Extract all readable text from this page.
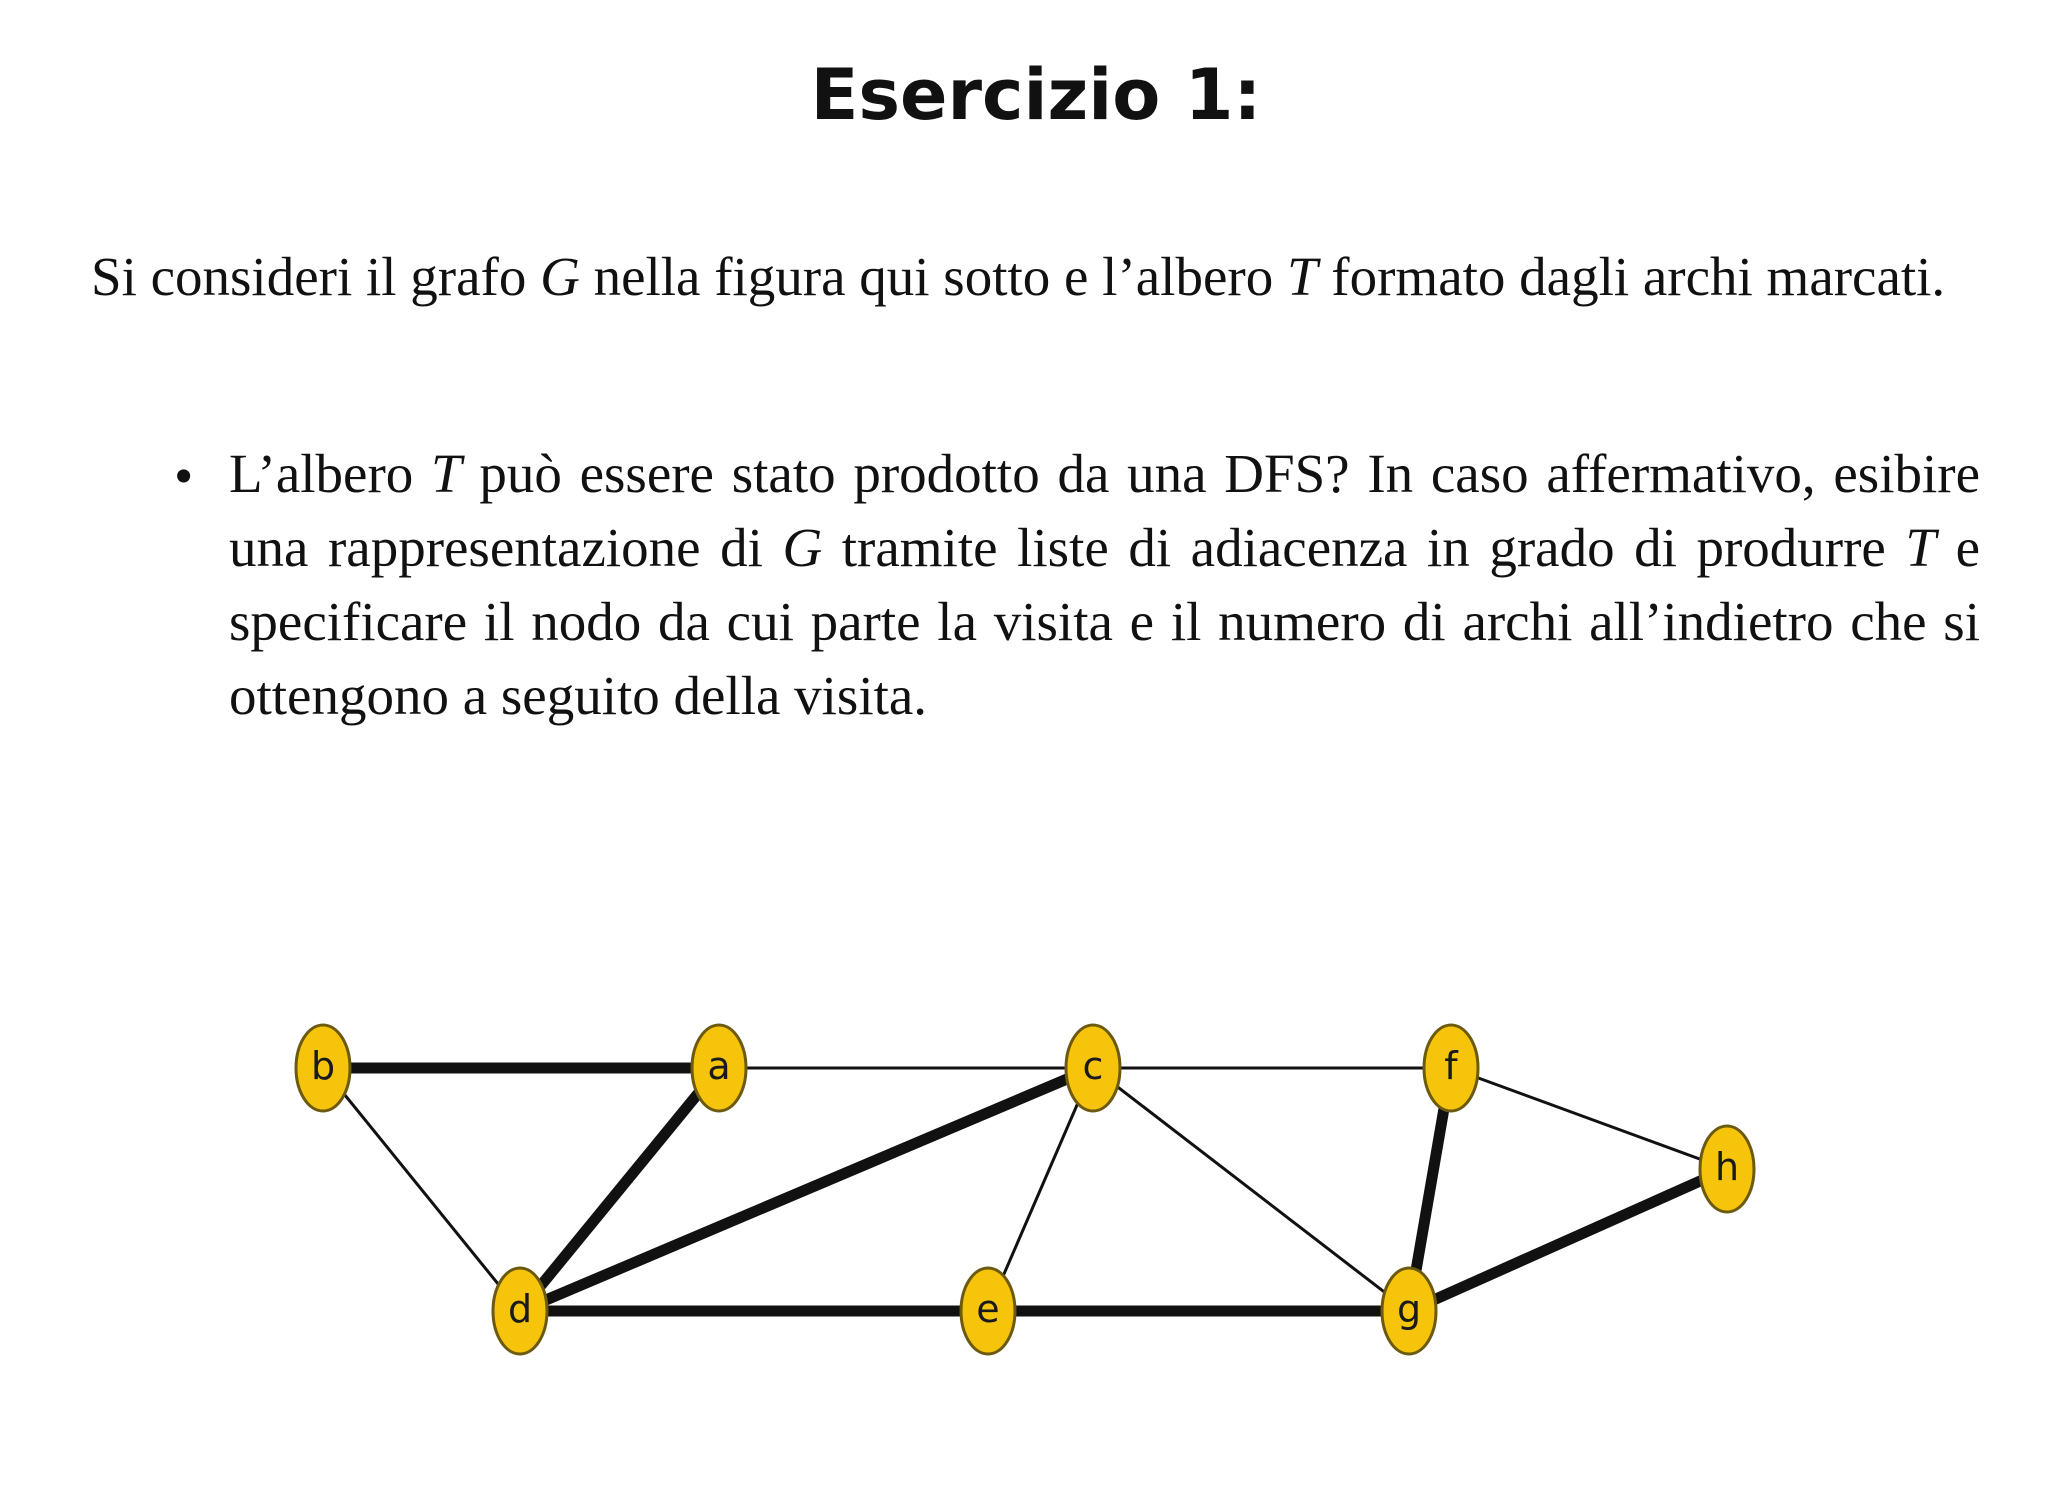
Esercizio 1:

Si consideri il grafo G nella figura qui sotto e l’albero T formato dagli archi marcati.

• L’albero T può essere stato prodotto da una DFS? In caso affermativo, esibire una rappresentazione di G tramite liste di adiacenza in grado di produrre T e specificare il nodo da cui parte la visita e il numero di archi all’indietro che si ottengono a seguito della visita.

a
b	c
d	e
f
g
h
